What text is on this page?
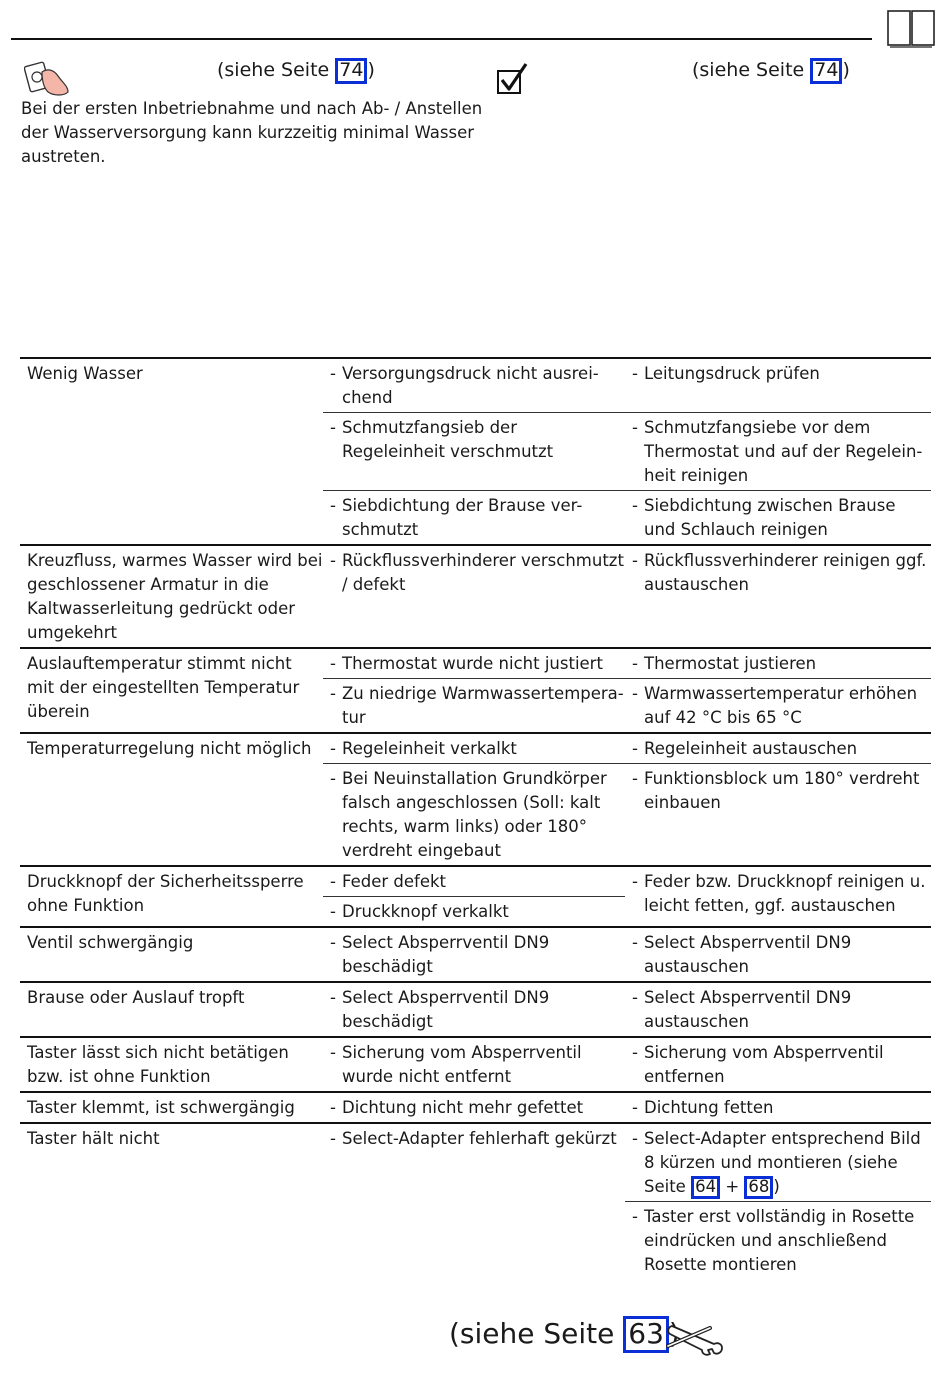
(siehe Seite 74 )	(siehe Seite 74 )
Bei der ersten Inbetriebnahme und nach Ab- / Anstellen der Wasserversorgung kann kurzzeitig minimal Wasser austreten.
Wenig Wasser	- Versorgungsdruck nicht ausrei-chend	- Leitungsdruck prüfen

	- Schmutzfangsieb der Regeleinheit verschmutzt	- Schmutzfangsiebe vor dem Thermostat und auf der Regelein-heit reinigen

	- Siebdichtung der Brause ver-schmutzt	- Siebdichtung zwischen Brause und Schlauch reinigen

Kreuzfluss, warmes Wasser wird bei geschlossener Armatur in die Kaltwasserleitung gedrückt oder umgekehrt	- Rückflussverhinderer verschmutzt / defekt	- Rückflussverhinderer reinigen ggf. austauschen

Auslauftemperatur stimmt nicht mit der eingestellten Temperatur überein	- Thermostat wurde nicht justiert	- Thermostat justieren

	- Zu niedrige Warmwassertempera-tur	- Warmwassertemperatur erhöhen auf 42 °C bis 65 °C

Temperaturregelung nicht möglich	- Regeleinheit verkalkt	- Regeleinheit austauschen

	- Bei Neuinstallation Grundkörper falsch angeschlossen (Soll: kalt rechts, warm links) oder 180° verdreht eingebaut	- Funktionsblock um 180° verdreht einbauen

Druckknopf der Sicherheitssperre ohne Funktion	- Feder defekt	- Feder bzw. Druckknopf reinigen u. leicht fetten, ggf. austauschen

	- Druckknopf verkalkt	

Ventil schwergängig	- Select Absperrventil DN9 beschädigt	- Select Absperrventil DN9 austauschen

Brause oder Auslauf tropft	- Select Absperrventil DN9 beschädigt	- Select Absperrventil DN9 austauschen

Taster lässt sich nicht betätigen bzw. ist ohne Funktion	- Sicherung vom Absperrventil wurde nicht entfernt	- Sicherung vom Absperrventil entfernen

Taster klemmt, ist schwergängig	- Dichtung nicht mehr gefettet	- Dichtung fetten

Taster hält nicht	- Select-Adapter fehlerhaft gekürzt	- Select-Adapter entsprechend Bild 8 kürzen und montieren (siehe Seite 64 + 68 )

		- Taster erst vollständig in Rosette eindrücken und anschließend Rosette montieren
(siehe Seite 63
